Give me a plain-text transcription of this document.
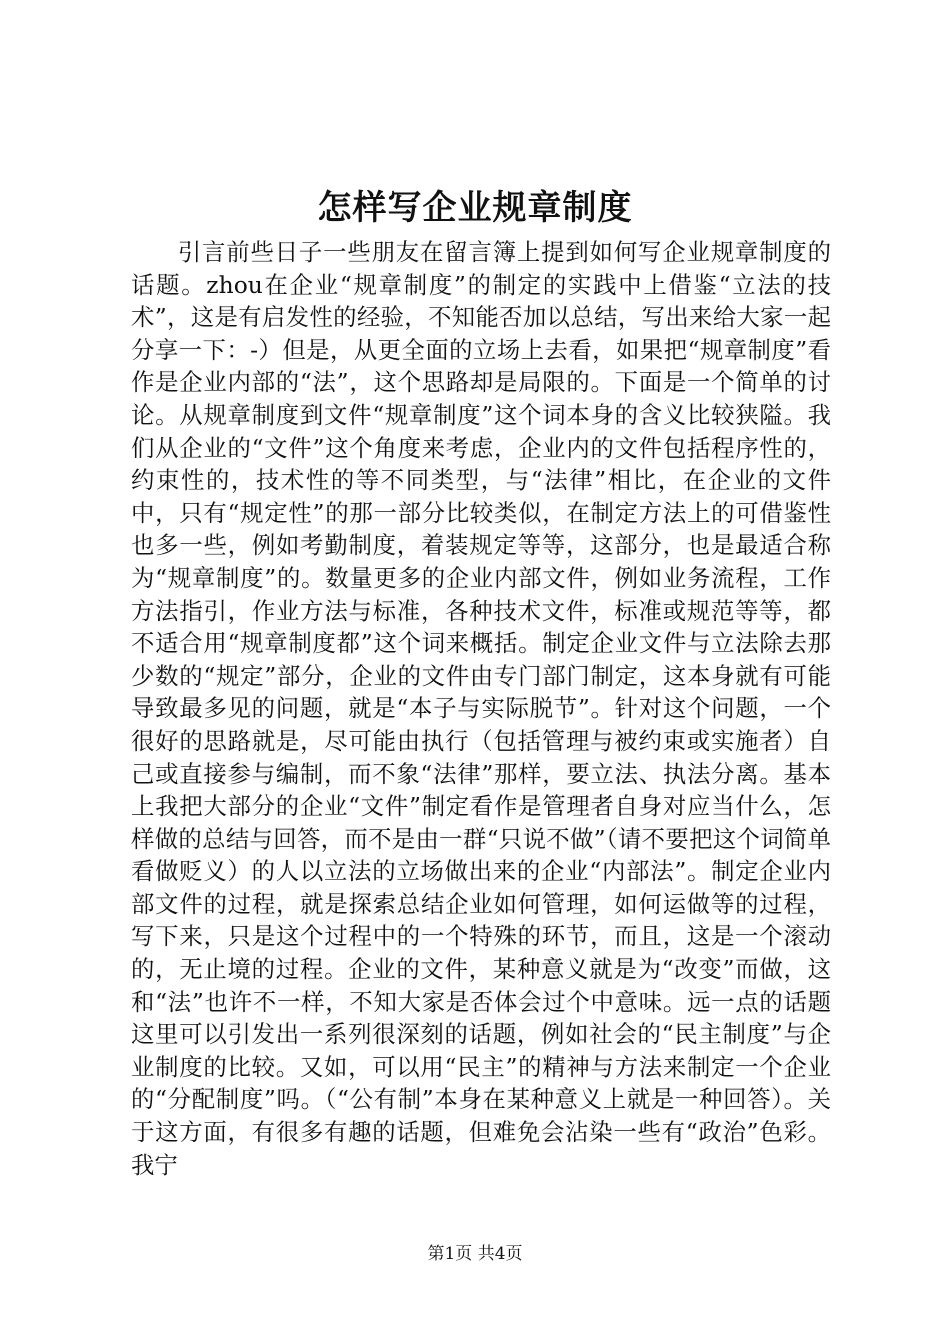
怎样写企业规章制度

引言前些日子一些朋友在留言簿上提到如何写企业规章制度的话题。zhou在企业“规章制度”的制定的实践中上借鉴“立法的技术”，这是有启发性的经验，不知能否加以总结，写出来给大家一起分享一下：-）但是，从更全面的立场上去看，如果把“规章制度”看作是企业内部的“法”，这个思路却是局限的。下面是一个简单的讨论。从规章制度到文件“规章制度”这个词本身的含义比较狭隘。我们从企业的“文件”这个角度来考虑，企业内的文件包括程序性的，约束性的，技术性的等不同类型，与“法律”相比，在企业的文件中，只有“规定性”的那一部分比较类似，在制定方法上的可借鉴性也多一些，例如考勤制度，着装规定等等，这部分，也是最适合称为“规章制度”的。数量更多的企业内部文件，例如业务流程，工作方法指引，作业方法与标准，各种技术文件，标准或规范等等，都不适合用“规章制度都”这个词来概括。制定企业文件与立法除去那少数的“规定”部分，企业的文件由专门部门制定，这本身就有可能导致最多见的问题，就是“本子与实际脱节”。针对这个问题，一个很好的思路就是，尽可能由执行（包括管理与被约束或实施者）自己或直接参与编制，而不象“法律”那样，要立法、执法分离。基本上我把大部分的企业“文件”制定看作是管理者自身对应当什么，怎样做的总结与回答，而不是由一群“只说不做”（请不要把这个词简单看做贬义）的人以立法的立场做出来的企业“内部法”。制定企业内部文件的过程，就是探索总结企业如何管理，如何运做等的过程，写下来，只是这个过程中的一个特殊的环节，而且，这是一个滚动的，无止境的过程。企业的文件，某种意义就是为“改变”而做，这和“法”也许不一样，不知大家是否体会过个中意味。远一点的话题这里可以引发出一系列很深刻的话题，例如社会的“民主制度”与企业制度的比较。又如，可以用“民主”的精神与方法来制定一个企业的“分配制度”吗。（“公有制”本身在某种意义上就是一种回答）。关于这方面，有很多有趣的话题，但难免会沾染一些有“政治”色彩。我宁

第1页 共4页
